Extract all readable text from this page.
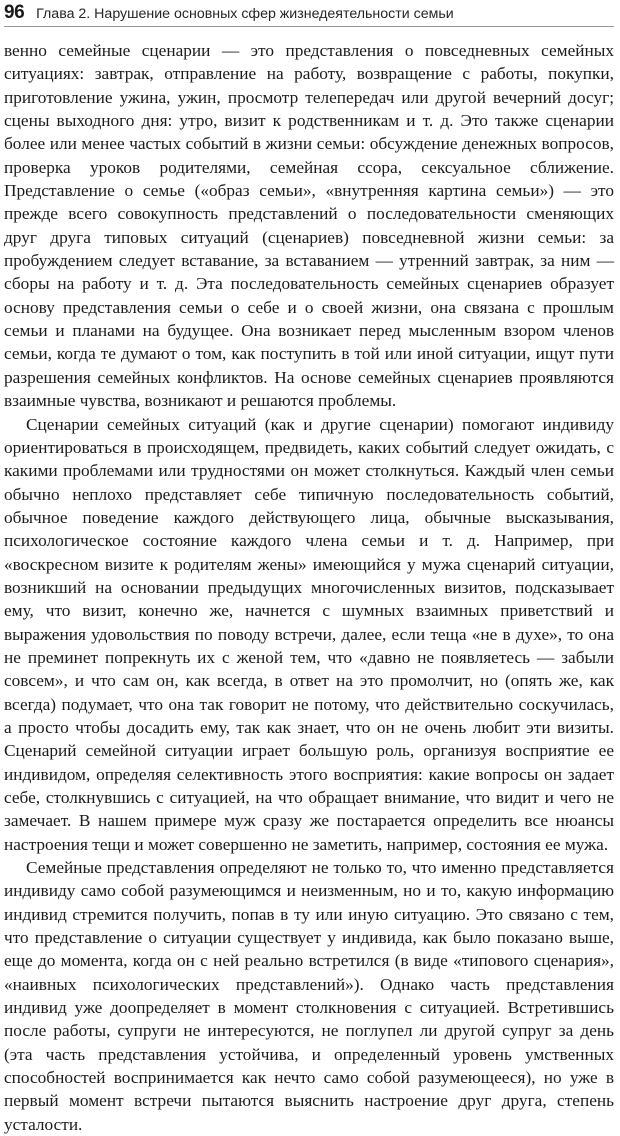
96 Глава 2. Нарушение основных сфер жизнедеятельности семьи

венно семейные сценарии — это представления о повседневных семейных ситуациях: завтрак, отправление на работу, возвращение с работы, покупки, приготовление ужина, ужин, просмотр телепередач или другой вечерний досуг; сцены выходного дня: утро, визит к родственникам и т. д. Это также сценарии более или менее частых событий в жизни семьи: обсуждение денежных вопросов, проверка уроков родителями, семейная ссора, сексуальное сближение. Представление о семье («образ семьи», «внутренняя картина семьи») — это прежде всего совокупность представлений о последовательности сменяющих друг друга типовых ситуаций (сценариев) повседневной жизни семьи: за пробуждением следует вставание, за вставанием — утренний завтрак, за ним — сборы на работу и т. д. Эта последовательность семейных сценариев образует основу представления семьи о себе и о своей жизни, она связана с прошлым семьи и планами на будущее. Она возникает перед мысленным взором членов семьи, когда те думают о том, как поступить в той или иной ситуации, ищут пути разрешения семейных конфликтов. На основе семейных сценариев проявляются взаимные чувства, возникают и решаются проблемы.

Сценарии семейных ситуаций (как и другие сценарии) помогают индивиду ориентироваться в происходящем, предвидеть, каких событий следует ожидать, с какими проблемами или трудностями он может столкнуться. Каждый член семьи обычно неплохо представляет себе типичную последовательность событий, обычное поведение каждого действующего лица, обычные высказывания, психологическое состояние каждого члена семьи и т. д. Например, при «воскресном визите к родителям жены» имеющийся у мужа сценарий ситуации, возникший на основании предыдущих многочисленных визитов, подсказывает ему, что визит, конечно же, начнется с шумных взаимных приветствий и выражения удовольствия по поводу встречи, далее, если теща «не в духе», то она не преминет попрекнуть их с женой тем, что «давно не появляетесь — забыли совсем», и что сам он, как всегда, в ответ на это промолчит, но (опять же, как всегда) подумает, что она так говорит не потому, что действительно соскучилась, а просто чтобы досадить ему, так как знает, что он не очень любит эти визиты. Сценарий семейной ситуации играет большую роль, организуя восприятие ее индивидом, определяя селективность этого восприятия: какие вопросы он задает себе, столкнувшись с ситуацией, на что обращает внимание, что видит и чего не замечает. В нашем примере муж сразу же постарается определить все нюансы настроения тещи и может совершенно не заметить, например, состояния ее мужа.

Семейные представления определяют не только то, что именно представляется индивиду само собой разумеющимся и неизменным, но и то, какую информацию индивид стремится получить, попав в ту или иную ситуацию. Это связано с тем, что представление о ситуации существует у индивида, как было показано выше, еще до момента, когда он с ней реально встретился (в виде «типового сценария», «наивных психологических представлений»). Однако часть представления индивид уже доопределяет в момент столкновения с ситуацией. Встретившись после работы, супруги не интересуются, не поглупел ли другой супруг за день (эта часть представления устойчива, и определенный уровень умственных способностей воспринимается как нечто само собой разумеющееся), но уже в первый момент встречи пытаются выяснить настроение друг друга, степень усталости.
